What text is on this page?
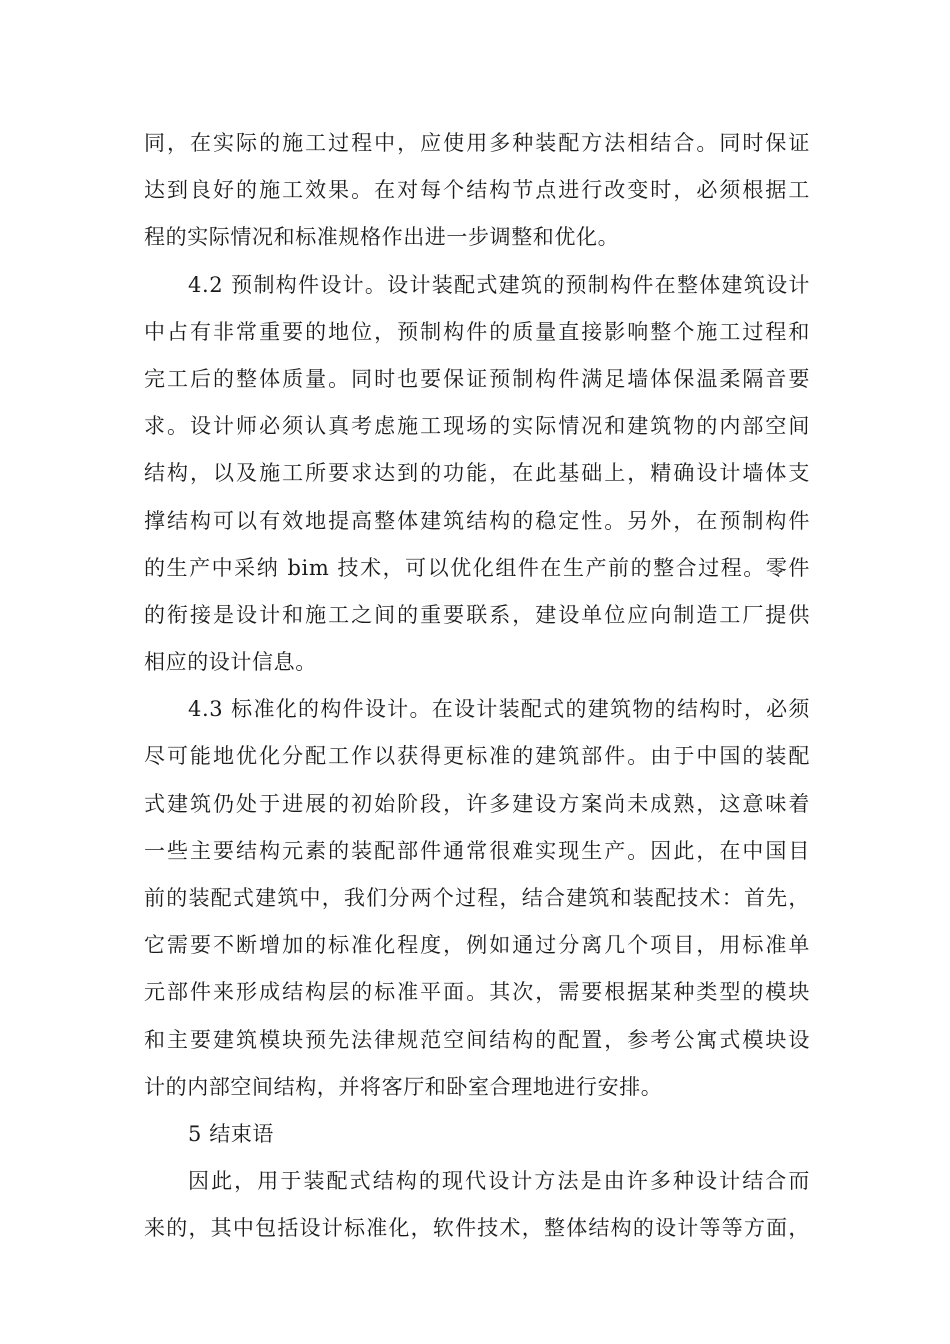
同，在实际的施工过程中，应使用多种装配方法相结合。同时保证
达到良好的施工效果。在对每个结构节点进行改变时，必须根据工
程的实际情况和标准规格作出进一步调整和优化。
4.2 预制构件设计。设计装配式建筑的预制构件在整体建筑设计
中占有非常重要的地位，预制构件的质量直接影响整个施工过程和
完工后的整体质量。同时也要保证预制构件满足墙体保温柔隔音要
求。设计师必须认真考虑施工现场的实际情况和建筑物的内部空间
结构，以及施工所要求达到的功能，在此基础上，精确设计墙体支
撑结构可以有效地提高整体建筑结构的稳定性。另外，在预制构件
的生产中采纳 bim 技术，可以优化组件在生产前的整合过程。零件
的衔接是设计和施工之间的重要联系，建设单位应向制造工厂提供
相应的设计信息。
4.3 标准化的构件设计。在设计装配式的建筑物的结构时，必须
尽可能地优化分配工作以获得更标准的建筑部件。由于中国的装配
式建筑仍处于进展的初始阶段，许多建设方案尚未成熟，这意味着
一些主要结构元素的装配部件通常很难实现生产。因此，在中国目
前的装配式建筑中，我们分两个过程，结合建筑和装配技术：首先，
它需要不断增加的标准化程度，例如通过分离几个项目，用标准单
元部件来形成结构层的标准平面。其次，需要根据某种类型的模块
和主要建筑模块预先法律规范空间结构的配置，参考公寓式模块设
计的内部空间结构，并将客厅和卧室合理地进行安排。
5 结束语
因此，用于装配式结构的现代设计方法是由许多种设计结合而
来的，其中包括设计标准化，软件技术，整体结构的设计等等方面，
